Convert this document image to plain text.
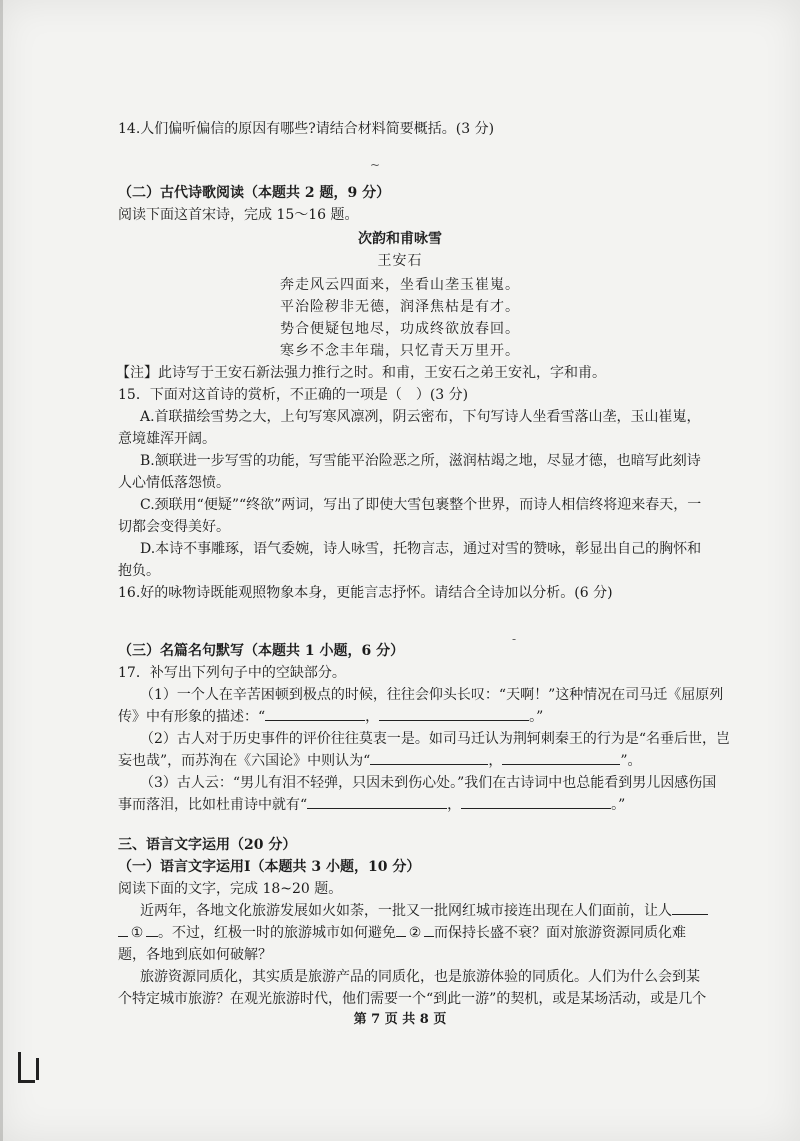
14.人们偏听偏信的原因有哪些?请结合材料简要概括。(3 分)
~
（二）古代诗歌阅读（本题共 2 题，9 分）
阅读下面这首宋诗，完成 15～16 题。
次韵和甫咏雪
王安石
奔走风云四面来，坐看山垄玉崔嵬。
平治险秽非无德，润泽焦枯是有才。
势合便疑包地尽，功成终欲放春回。
寒乡不念丰年瑞，只忆青天万里开。
【注】此诗写于王安石新法强力推行之时。和甫，王安石之弟王安礼，字和甫。
15．下面对这首诗的赏析，不正确的一项是（　）(3 分)
A.首联描绘雪势之大，上句写寒风凛冽，阴云密布，下句写诗人坐看雪落山垄，玉山崔嵬，
意境雄浑开阔。
B.颔联进一步写雪的功能，写雪能平治险恶之所，滋润枯竭之地，尽显才德，也暗写此刻诗
人心情低落怨愤。
C.颈联用“便疑”“终欲”两词，写出了即使大雪包裹整个世界，而诗人相信终将迎来春天，一
切都会变得美好。
D.本诗不事雕琢，语气委婉，诗人咏雪，托物言志，通过对雪的赞咏，彰显出自己的胸怀和
抱负。
16.好的咏物诗既能观照物象本身，更能言志抒怀。请结合全诗加以分析。(6 分)
-
（三）名篇名句默写（本题共 1 小题，6 分）
17．补写出下列句子中的空缺部分。
（1）一个人在辛苦困顿到极点的时候，往往会仰头长叹：“天啊！”这种情况在司马迁《屈原列
传》中有形象的描述：“	，	。”
（2）古人对于历史事件的评价往往莫衷一是。如司马迁认为荆轲刺秦王的行为是“名垂后世，岂
妄也哉”，而苏洵在《六国论》中则认为“	，	”。
（3）古人云：“男儿有泪不轻弹，只因未到伤心处。”我们在古诗词中也总能看到男儿因感伤国
事而落泪，比如杜甫诗中就有“	，	。”
三、语言文字运用（20 分）
（一）语言文字运用Ⅰ（本题共 3 小题，10 分）
阅读下面的文字，完成 18~20 题。
近两年，各地文化旅游发展如火如荼，一批又一批网红城市接连出现在人们面前，让人
① 。不过，红极一时的旅游城市如何避免 ② 而保持长盛不衰？面对旅游资源同质化难
题，各地到底如何破解？
旅游资源同质化，其实质是旅游产品的同质化，也是旅游体验的同质化。人们为什么会到某
个特定城市旅游？在观光旅游时代，他们需要一个“到此一游”的契机，或是某场活动，或是几个
第 7 页 共 8 页
